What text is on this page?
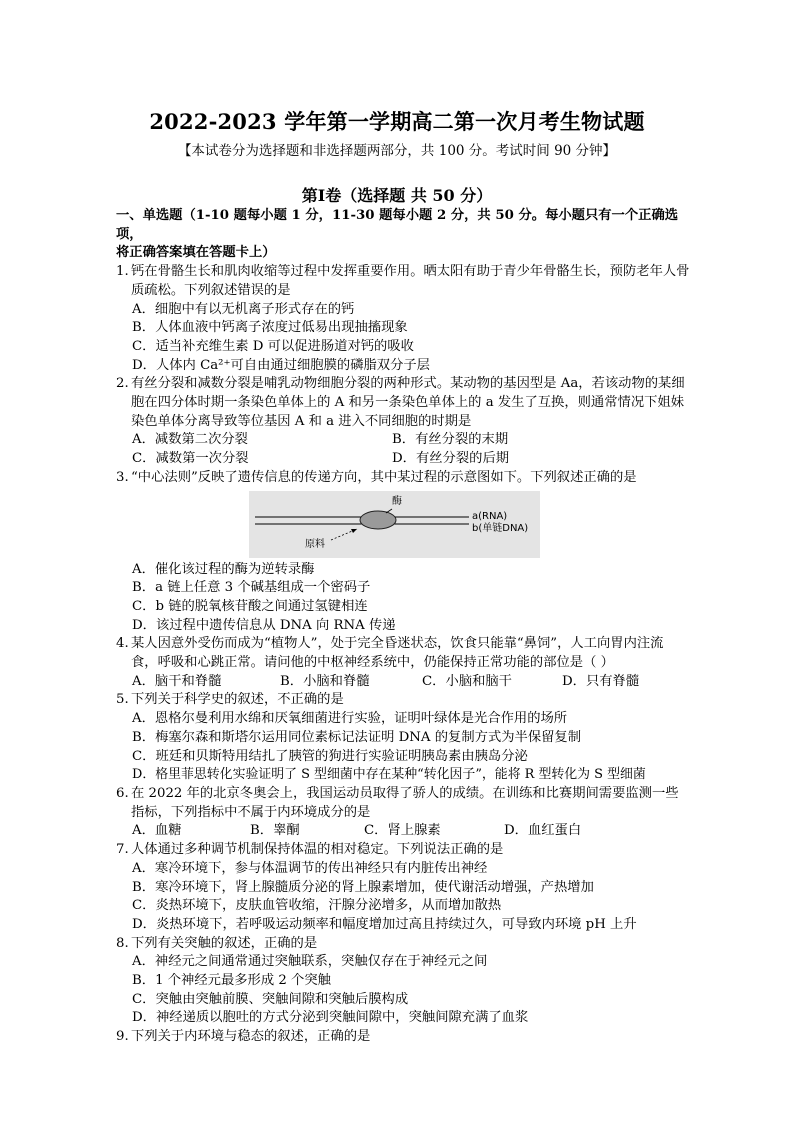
2022-2023 学年第一学期高二第一次月考生物试题
【本试卷分为选择题和非选择题两部分，共 100 分。考试时间 90 分钟】
第Ⅰ卷（选择题 共 50 分）
一、单选题（1-10 题每小题 1 分，11-30 题每小题 2 分，共 50 分。每小题只有一个正确选项，
将正确答案填在答题卡上）
1. 钙在骨骼生长和肌肉收缩等过程中发挥重要作用。晒太阳有助于青少年骨骼生长，预防老年人骨质疏松。下列叙述错误的是
A．细胞中有以无机离子形式存在的钙
B．人体血液中钙离子浓度过低易出现抽搐现象
C．适当补充维生素 D 可以促进肠道对钙的吸收
D．人体内 Ca²⁺可自由通过细胞膜的磷脂双分子层
2. 有丝分裂和减数分裂是哺乳动物细胞分裂的两种形式。某动物的基因型是 Aa，若该动物的某细胞在四分体时期一条染色单体上的 A 和另一条染色单体上的 a 发生了互换，则通常情况下姐妹染色单体分离导致等位基因 A 和 a 进入不同细胞的时期是
A．减数第二次分裂	B．有丝分裂的末期
C．减数第一次分裂	D．有丝分裂的后期
3. “中心法则”反映了遗传信息的传递方向，其中某过程的示意图如下。下列叙述正确的是
酶
a(RNA)
b(单链DNA)
原料
A．催化该过程的酶为逆转录酶
B．a 链上任意 3 个碱基组成一个密码子
C．b 链的脱氧核苷酸之间通过氢键相连
D．该过程中遗传信息从 DNA 向 RNA 传递
4. 某人因意外受伤而成为“植物人”，处于完全昏迷状态，饮食只能靠“鼻饲”，人工向胃内注流食，呼吸和心跳正常。请问他的中枢神经系统中，仍能保持正常功能的部位是（ ）
A．脑干和脊髓	B．小脑和脊髓	C．小脑和脑干	D．只有脊髓
5. 下列关于科学史的叙述，不正确的是
A．恩格尔曼利用水绵和厌氧细菌进行实验，证明叶绿体是光合作用的场所
B．梅塞尔森和斯塔尔运用同位素标记法证明 DNA 的复制方式为半保留复制
C．班廷和贝斯特用结扎了胰管的狗进行实验证明胰岛素由胰岛分泌
D．格里菲思转化实验证明了 S 型细菌中存在某种“转化因子”，能将 R 型转化为 S 型细菌
6. 在 2022 年的北京冬奥会上，我国运动员取得了骄人的成绩。在训练和比赛期间需要监测一些指标，下列指标中不属于内环境成分的是
A．血糖	B．睾酮	C．肾上腺素	D．血红蛋白
7. 人体通过多种调节机制保持体温的相对稳定。下列说法正确的是
A．寒冷环境下，参与体温调节的传出神经只有内脏传出神经
B．寒冷环境下，肾上腺髓质分泌的肾上腺素增加，使代谢活动增强，产热增加
C．炎热环境下，皮肤血管收缩，汗腺分泌增多，从而增加散热
D．炎热环境下，若呼吸运动频率和幅度增加过高且持续过久，可导致内环境 pH 上升
8. 下列有关突触的叙述，正确的是
A．神经元之间通常通过突触联系，突触仅存在于神经元之间
B．1 个神经元最多形成 2 个突触
C．突触由突触前膜、突触间隙和突触后膜构成
D．神经递质以胞吐的方式分泌到突触间隙中，突触间隙充满了血浆
9. 下列关于内环境与稳态的叙述，正确的是
